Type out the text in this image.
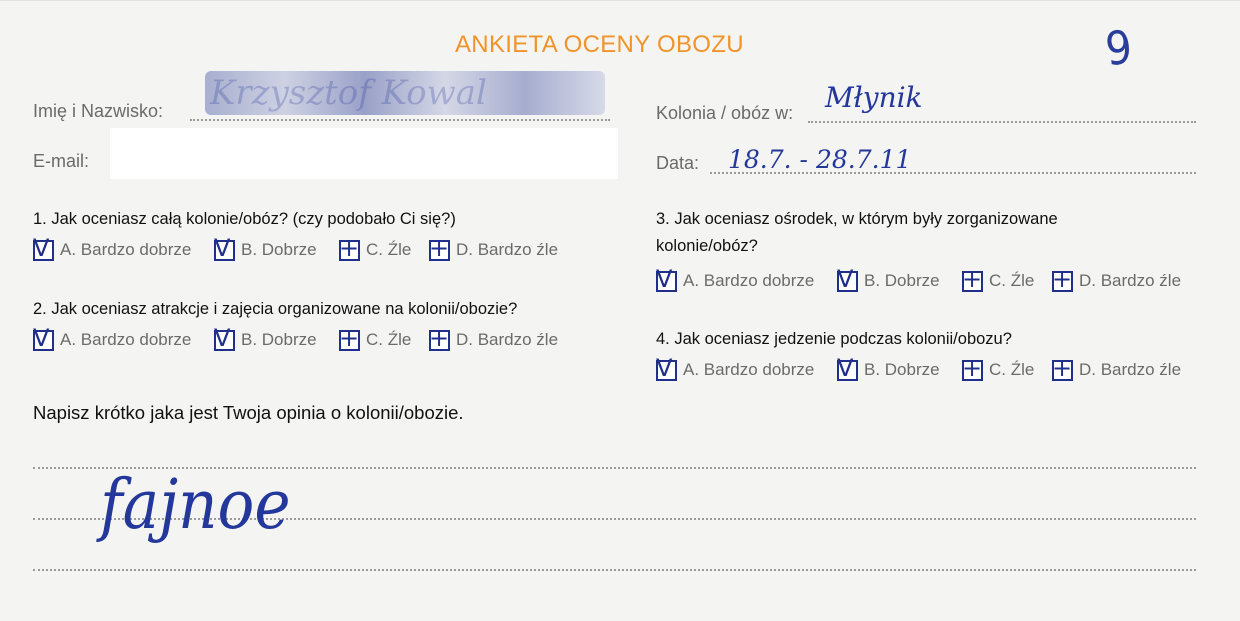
ANKIETA OCENY OBOZU	9
Imię i Nazwisko: Krzysztof Kowal
E-mail:
Kolonia / obóz w: Młynik
Data: 18.7. - 28.7.11
1. Jak oceniasz całą kolonie/obóz? (czy podobało Ci się?)
V A. Bardzo dobrze V B. Dobrze + C. Źle + D. Bardzo źle
2. Jak oceniasz atrakcje i zajęcia organizowane na kolonii/obozie?
V A. Bardzo dobrze V B. Dobrze + C. Źle + D. Bardzo źle
3. Jak oceniasz ośrodek, w którym były zorganizowane
kolonie/obóz?
V A. Bardzo dobrze V B. Dobrze + C. Źle + D. Bardzo źle
4. Jak oceniasz jedzenie podczas kolonii/obozu?
V A. Bardzo dobrze V B. Dobrze + C. Źle + D. Bardzo źle
Napisz krótko jaka jest Twoja opinia o kolonii/obozie.
fajnoe
